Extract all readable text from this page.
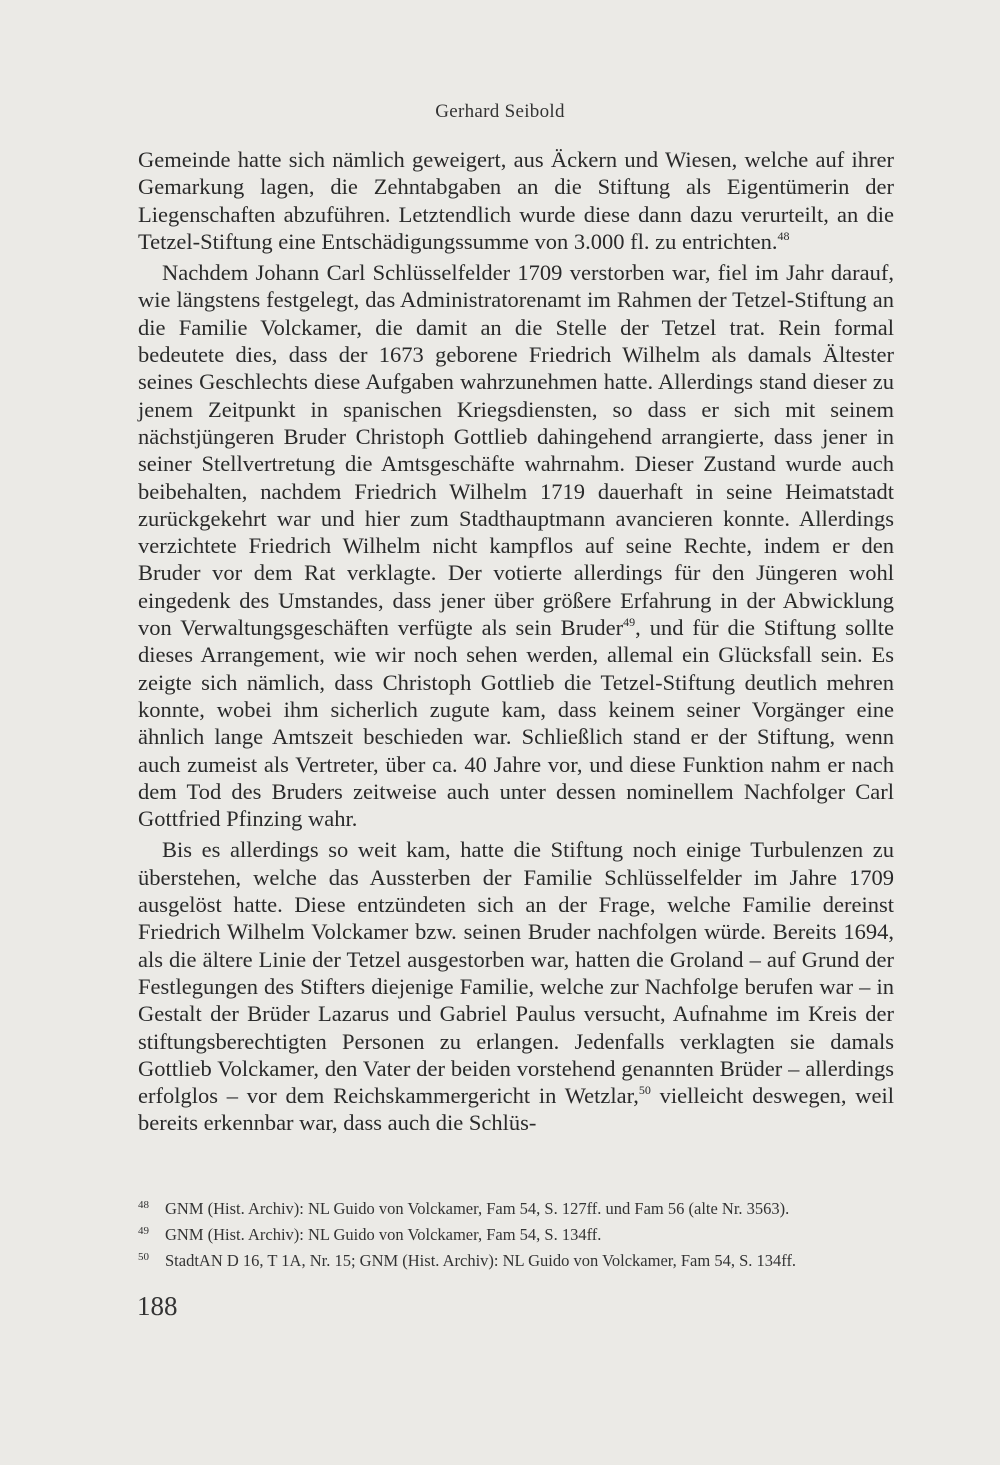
Gerhard Seibold

Gemeinde hatte sich nämlich geweigert, aus Äckern und Wiesen, welche auf ihrer Gemarkung lagen, die Zehntabgaben an die Stiftung als Eigentümerin der Liegenschaften abzuführen. Letztendlich wurde diese dann dazu verurteilt, an die Tetzel-Stiftung eine Entschädigungssumme von 3.000 fl. zu entrichten.$^{48}$

Nachdem Johann Carl Schlüsselfelder 1709 verstorben war, fiel im Jahr darauf, wie längstens festgelegt, das Administratorenamt im Rahmen der Tetzel-Stiftung an die Familie Volckamer, die damit an die Stelle der Tetzel trat. Rein formal bedeutete dies, dass der 1673 geborene Friedrich Wilhelm als damals Ältester seines Geschlechts diese Aufgaben wahrzunehmen hatte. Allerdings stand dieser zu jenem Zeitpunkt in spanischen Kriegsdiensten, so dass er sich mit seinem nächstjüngeren Bruder Christoph Gottlieb dahingehend arrangierte, dass jener in seiner Stellvertretung die Amtsgeschäfte wahrnahm. Dieser Zustand wurde auch beibehalten, nachdem Friedrich Wilhelm 1719 dauerhaft in seine Heimatstadt zurückgekehrt war und hier zum Stadthauptmann avancieren konnte. Allerdings verzichtete Friedrich Wilhelm nicht kampflos auf seine Rechte, indem er den Bruder vor dem Rat verklagte. Der votierte allerdings für den Jüngeren wohl eingedenk des Umstandes, dass jener über größere Erfahrung in der Abwicklung von Verwaltungsgeschäften verfügte als sein Bruder$^{49}$, und für die Stiftung sollte dieses Arrangement, wie wir noch sehen werden, allemal ein Glücksfall sein. Es zeigte sich nämlich, dass Christoph Gottlieb die Tetzel-Stiftung deutlich mehren konnte, wobei ihm sicherlich zugute kam, dass keinem seiner Vorgänger eine ähnlich lange Amtszeit beschieden war. Schließlich stand er der Stiftung, wenn auch zumeist als Vertreter, über ca. 40 Jahre vor, und diese Funktion nahm er nach dem Tod des Bruders zeitweise auch unter dessen nominellem Nachfolger Carl Gottfried Pfinzing wahr.

Bis es allerdings so weit kam, hatte die Stiftung noch einige Turbulenzen zu überstehen, welche das Aussterben der Familie Schlüsselfelder im Jahre 1709 ausgelöst hatte. Diese entzündeten sich an der Frage, welche Familie dereinst Friedrich Wilhelm Volckamer bzw. seinen Bruder nachfolgen würde. Bereits 1694, als die ältere Linie der Tetzel ausgestorben war, hatten die Groland – auf Grund der Festlegungen des Stifters diejenige Familie, welche zur Nachfolge berufen war – in Gestalt der Brüder Lazarus und Gabriel Paulus versucht, Aufnahme im Kreis der stiftungsberechtigten Personen zu erlangen. Jedenfalls verklagten sie damals Gottlieb Volckamer, den Vater der beiden vorstehend genannten Brüder – allerdings erfolglos – vor dem Reichskammergericht in Wetzlar,$^{50}$ vielleicht deswegen, weil bereits erkennbar war, dass auch die Schlüs-

48 GNM (Hist. Archiv): NL Guido von Volckamer, Fam 54, S. 127ff. und Fam 56 (alte Nr. 3563).
49 GNM (Hist. Archiv): NL Guido von Volckamer, Fam 54, S. 134ff.
50 StadtAN D 16, T 1A, Nr. 15; GNM (Hist. Archiv): NL Guido von Volckamer, Fam 54, S. 134ff.
188
